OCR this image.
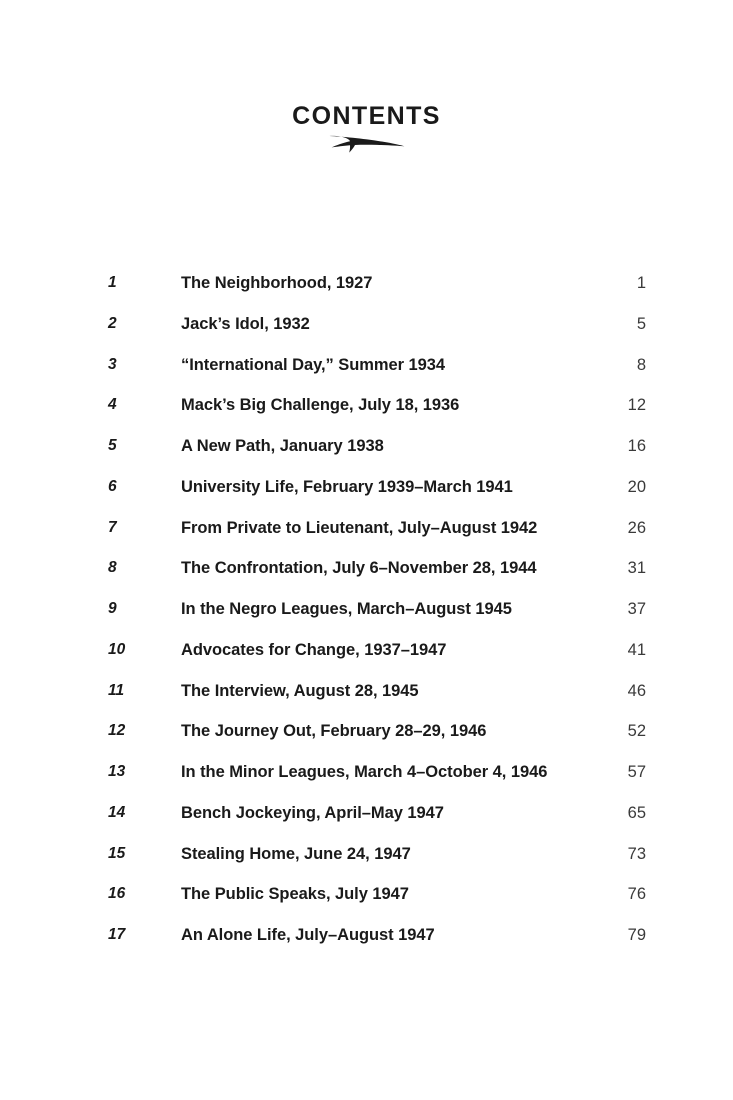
CONTENTS
1	The Neighborhood, 1927	1
2	Jack’s Idol, 1932	5
3	“International Day,” Summer 1934	8
4	Mack’s Big Challenge, July 18, 1936	12
5	A New Path, January 1938	16
6	University Life, February 1939–March 1941	20
7	From Private to Lieutenant, July–August 1942	26
8	The Confrontation, July 6–November 28, 1944	31
9	In the Negro Leagues, March–August 1945	37
10	Advocates for Change, 1937–1947	41
11	The Interview, August 28, 1945	46
12	The Journey Out, February 28–29, 1946	52
13	In the Minor Leagues, March 4–October 4, 1946	57
14	Bench Jockeying, April–May 1947	65
15	Stealing Home, June 24, 1947	73
16	The Public Speaks, July 1947	76
17	An Alone Life, July–August 1947	79
